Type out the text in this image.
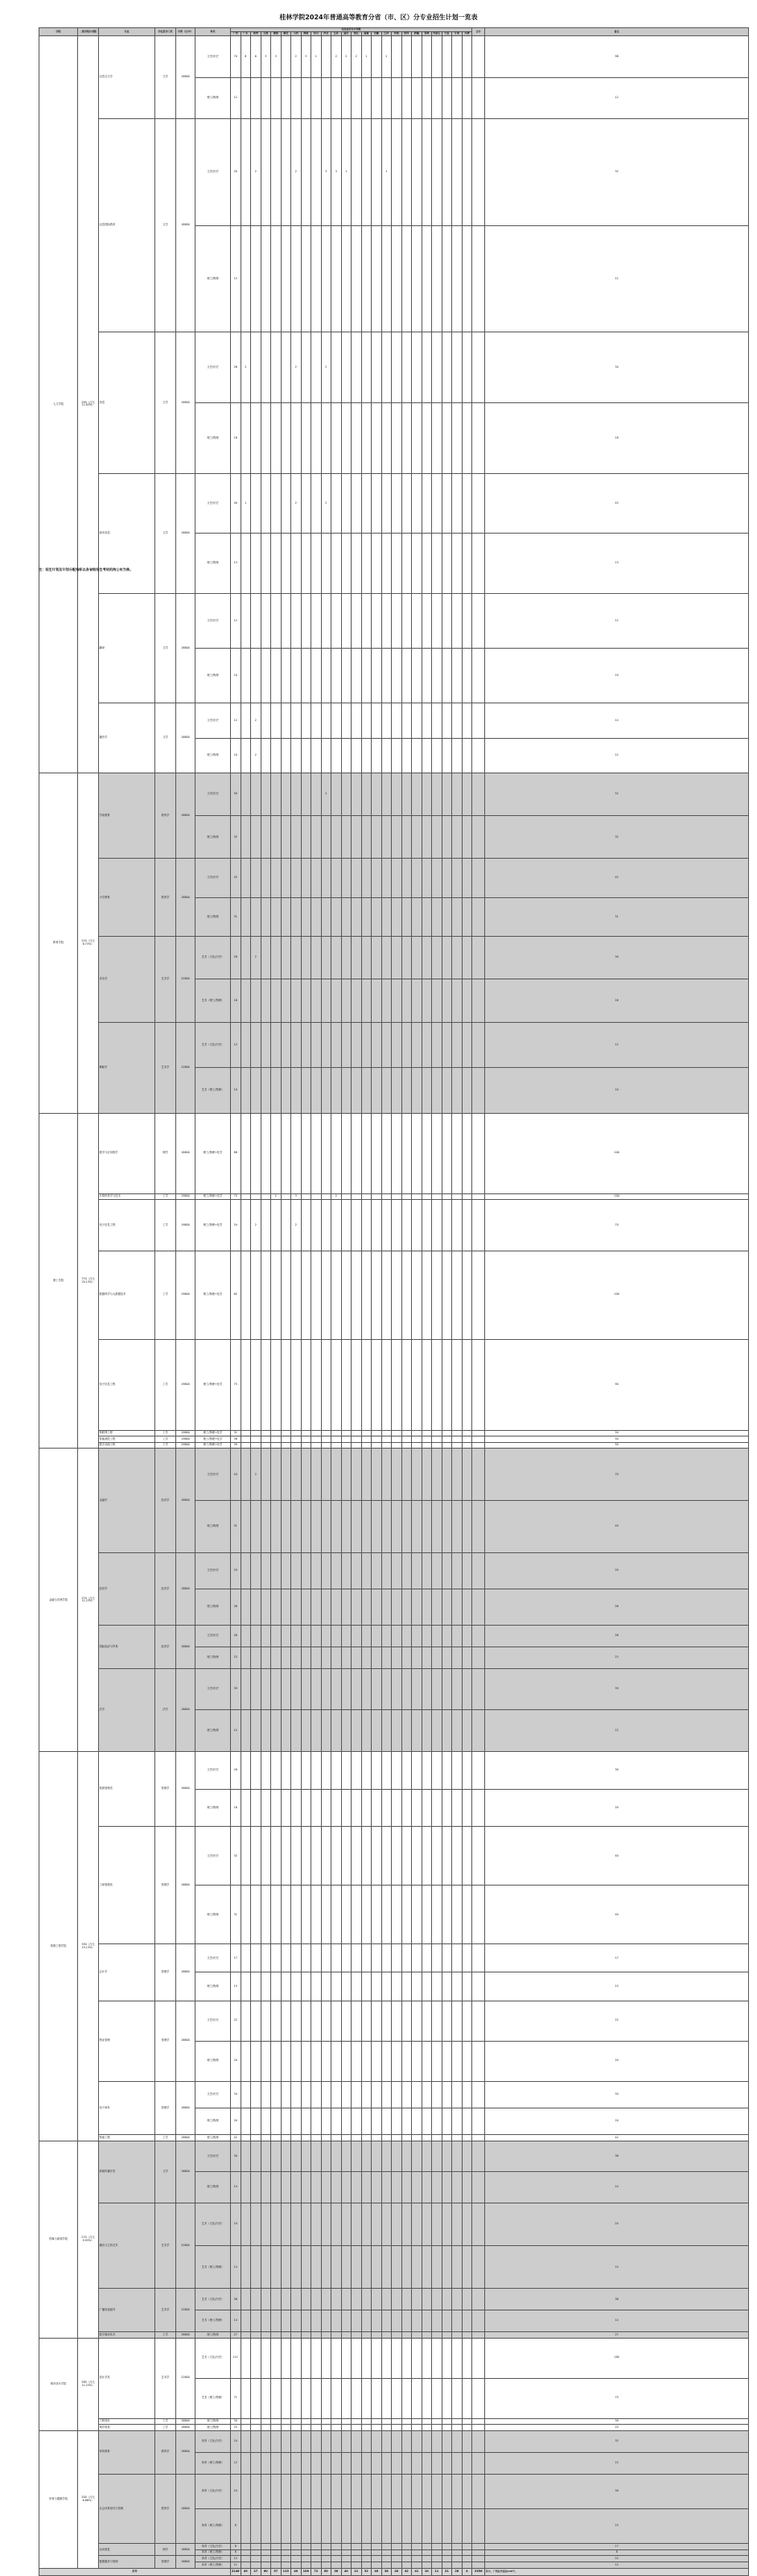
桂林学院2024年普通高等教育分省（市、区）分专业招生计划一览表
学院	二级学院计划数	专业	学位授予门类	学费（元/年）	科类	招生省份及计划数																								合计	备注	
						广西	广东	贵州	云南	湖南	湖北	山西	海南	四川	河北	江苏	重庆	浙江	福建	安徽	江西	河南	陕西	新疆	青海	内蒙古	宁夏	甘肃	天津			
人文学院	290（占比11.83%）	汉语言文学	文学	18800	文史/历史	70	8	6	3	3		2	3	1		2	2	2	1		2										98	
					理工/物理	12																									12	
		汉语国际教育	文学	18800	文史/历史	20		2				2			3	3	1				1										32	
					理工/物理	12																									12	
		英语	文学	18800	文史/历史	26	2					2			2																34	
					理工/物理	18																									18	
		商务英语	文学	18800	文史/历史	40	1					2			2																45	
					理工/物理	13																									13	
		翻译	文学	18800	文史/历史	12																									12	
					理工/物理	10																									10	
		播音学	文学	16800	文史/历史	12		2																							14	
					理工/物理	10		2																							12	
教育学院	220（占比8.73%）	学前教育	教育学	18800	文史/历史	50									2																52	
					理工/物理	32																									32	
		小学教育	教育学	18800	文史/历史	42																									42	
					理工/物理	31																									31	
		音乐学	艺术学	22800	艺术（文化/历史）	28		2																							30	
					艺术（理工/物理）	16																									16	
		舞蹈学	艺术学	22800	艺术（文化/历史）	12																									12	
					艺术（理工/物理）	10																									10	
理工学院	770（占比25.13%）	数学与应用数学	理学	18800	理工/物理+化学	88																									100	
		计算机科学与技术	工学	19800	理工/物理+化学	75				2		3				2															100	
		电子信息工程	工学	19800	理工/物理+化学	54		2				2																			70	
		数据科学与大数据技术	工学	19800	理工/物理+化学	62																									100	
		电子信息工程	工学	19800	理工/物理+化学	75																									90	
		物联网工程	工学	19800	理工/物理+化学	31																									50	
		智能测控工程	工学	19800	理工/物理+化学	38																									50	
		数字动画工程	工学	19800	理工/物理+化学	39																									50	
金融与法律学院	270（占比11.23%）	金融学	经济学	18800	文史/历史	44		2																							70	
					理工/物理	31																									45	
		经济学	经济学	18800	文史/历史	29																									29	
					理工/物理	26																									26	
		国际经济与贸易	经济学	18800	文史/历史	26																									26	
					理工/物理	23																									23	
		法学	法学	18800	文史/历史	39																									39	
					理工/物理	12																									12	
管理工程学院	350（占比15.13%）	旅游管理类	管理学	16800	文史/历史	28																									30	
					理工/物理	18																									20	
		工商管理类	管理学	16800	文史/历史	32																									40	
					理工/物理	31																									40	
		会计学	管理学	16800	文史/历史	17																									17	
					理工/物理	15																									15	
		物业管理	管理学	16800	文史/历史	22																									22	
					理工/物理	20																									20	
		电子商务	管理学	16800	文史/历史	34																									34	
					理工/物理	20																									20	
		物流工程	工学	18800	理工/物理	42																									42	
传媒与新闻学院	270（占比9.93%）	新闻传播学类	文学	16800	文史/历史	30																									36	
					理工/物理	14																									14	
		播音与主持艺术	艺术学	22800	艺术（文化/历史）	24																									24	
					艺术（理工/物理）	14																									14	
		广播电视编导	艺术学	22800	艺术（文化/历史）	36																									36	
					艺术（理工/物理）	14																									14	
		数字媒体技术	工学	18800	理工/物理	27																									27	
城市设计学院	280（占比11.23%）	设计学类	艺术学	22800	艺术（文化/历史）	111																									185	
					艺术（理工/物理）	71																									75	
		工程造价	工学	18800	理工/物理	30																									30	
		城乡规划	工学	18800	理工/物理	25																									25	
体育与健康学院	200（占比6.88%）	体育教育	教育学	18800	体育（文化/历史）	24																									32	
					体育（理工/物理）	12																									15	
		社会体育指导与管理	教育学	18800	体育（文化/历史）	24																									30	
					体育（理工/物理）	8																									15	
		运动康复	理学	18800	体育（文化/历史）	8																									17	
					体育（理工/物理）	8																									8	
		健康服务与管理	管理学	16800	体育（文化/历史）	12																									22	
					体育（理工/物理）	11																									12	
合计						2146	49	27	60	57	115	40	106	72	60	36	40	21	32	40	38	40	42	41	10	11	21	26	4	2356	其中，广西区外招生120个。	
注：招生计划及计划分配指标以各省级招生考试机构公布为准。
